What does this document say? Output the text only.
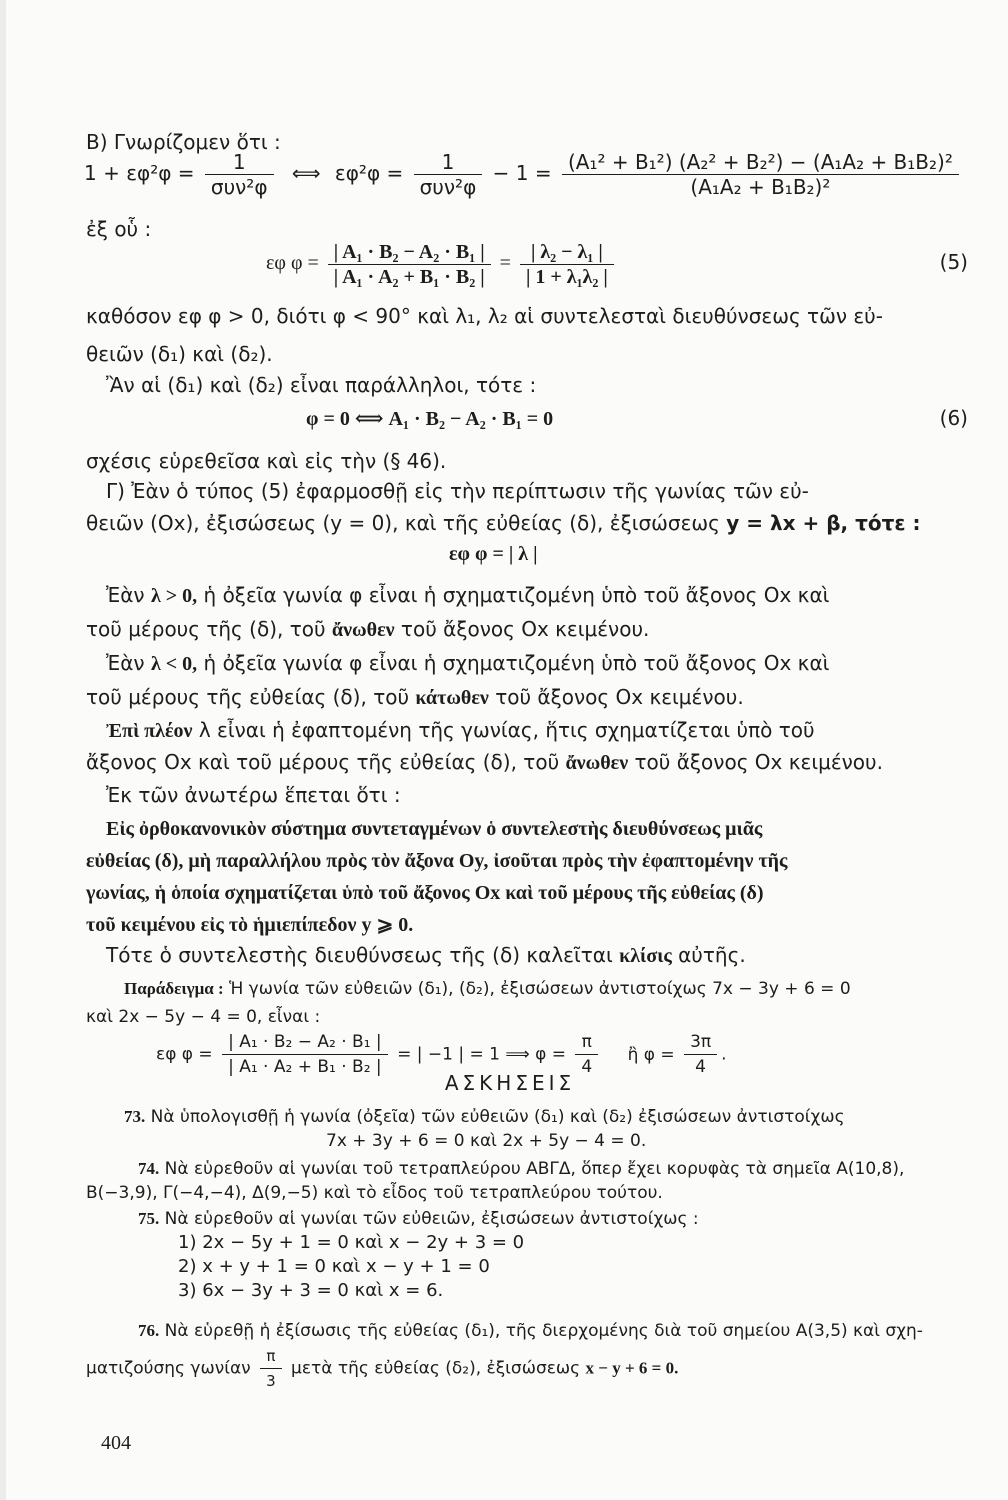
B) Γνωρίζομεν ὅτι :
$1 + \varepsilon\varphi^2\varphi = \frac{1}{\text{συν²φ}}$ ⟺ $\varepsilon\varphi^2\varphi = \frac{1}{\text{συν²φ}} - 1 = \frac{\text{(A₁² + B₁²) (A₂² + B₂²) − (A₁A₂ + B₁B₂)²}}{\text{(A₁A₂ + B₁B₂)²}}$
ἐξ οὗ :
εφ $\varphi = \frac{\text{| A₁ · B₂ − A₂ · B₁ |}}{\text{| A₁ · A₂ + B₁ · B₂ |}} = \frac{\text{| λ₂ − λ₁ |}}{\text{| 1 + λ₁λ₂ |}}$	(5)
καθόσον εφ φ > 0, διότι φ < 90° καὶ λ₁, λ₂ αἱ συντελεσταὶ διευθύνσεως τῶν εὐ-
θειῶν (δ₁) καὶ (δ₂).
Ἂν αἱ (δ₁) καὶ (δ₂) εἶναι παράλληλοι, τότε :
φ = 0 ⟺ A₁ · B₂ − A₂ · B₁ = 0	(6)
σχέσις εὑρεθεῖσα καὶ εἰς τὴν (§ 46).
Γ) Ἐὰν ὁ τύπος (5) ἐφαρμοσθῇ εἰς τὴν περίπτωσιν τῆς γωνίας τῶν εὐ-
θειῶν (Οx), ἐξισώσεως (y = 0), καὶ τῆς εὐθείας (δ), ἐξισώσεως y = λx + β, τότε :
εφ φ = | λ |
Ἐὰν λ > 0, ἡ ὀξεῖα γωνία φ εἶναι ἡ σχηματιζομένη ὑπὸ τοῦ ἄξονος Ox καὶ
τοῦ μέρους τῆς (δ), τοῦ ἄνωθεν τοῦ ἄξονος Ox κειμένου.
Ἐὰν λ < 0, ἡ ὀξεῖα γωνία φ εἶναι ἡ σχηματιζομένη ὑπὸ τοῦ ἄξονος Ox καὶ
τοῦ μέρους τῆς εὐθείας (δ), τοῦ κάτωθεν τοῦ ἄξονος Ox κειμένου.
Ἐπὶ πλέον λ εἶναι ἡ ἐφαπτομένη τῆς γωνίας, ἥτις σχηματίζεται ὑπὸ τοῦ
ἄξονος Ox καὶ τοῦ μέρους τῆς εὐθείας (δ), τοῦ ἄνωθεν τοῦ ἄξονος Ox κειμένου.
Ἐκ τῶν ἀνωτέρω ἕπεται ὅτι :
Εἰς ὀρθοκανονικὸν σύστημα συντεταγμένων ὁ συντελεστὴς διευθύνσεως μιᾶς
εὐθείας (δ), μὴ παραλλήλου πρὸς τὸν ἄξονα Oy, ἰσοῦται πρὸς τὴν ἐφαπτομένην τῆς
γωνίας, ἡ ὁποία σχηματίζεται ὑπὸ τοῦ ἄξονος Ox καὶ τοῦ μέρους τῆς εὐθείας (δ)
τοῦ κειμένου εἰς τὸ ἡμιεπίπεδον y ⩾ 0.
Τότε ὁ συντελεστὴς διευθύνσεως τῆς (δ) καλεῖται κλίσις αὐτῆς.
Παράδειγμα : Ἡ γωνία τῶν εὐθειῶν (δ₁), (δ₂), ἐξισώσεων ἀντιστοίχως 7x − 3y + 6 = 0
καὶ 2x − 5y − 4 = 0, εἶναι :
εφ $\varphi = \frac{\text{| A₁ · B₂ − A₂ · B₁ |}}{\text{| A₁ · A₂ + B₁ · B₂ |}}$ = | −1 | = 1 ⟹ $\varphi = \frac{\pi}{4}$ ἢ $\varphi = \frac{3\pi}{4}$ .
ΑΣΚΗΣΕΙΣ
73. Νὰ ὑπολογισθῇ ἡ γωνία (ὀξεῖα) τῶν εὐθειῶν (δ₁) καὶ (δ₂) ἐξισώσεων ἀντιστοίχως
7x + 3y + 6 = 0 καὶ 2x + 5y − 4 = 0.
74. Νὰ εὑρεθοῦν αἱ γωνίαι τοῦ τετραπλεύρου ΑΒΓΔ, ὅπερ ἔχει κορυφὰς τὰ σημεῖα Α(10,8),
Β(−3,9), Γ(−4,−4), Δ(9,−5) καὶ τὸ εἶδος τοῦ τετραπλεύρου τούτου.
75. Νὰ εὑρεθοῦν αἱ γωνίαι τῶν εὐθειῶν, ἐξισώσεων ἀντιστοίχως :
1) 2x − 5y + 1 = 0 καὶ x − 2y + 3 = 0
2) x + y + 1 = 0 καὶ x − y + 1 = 0
3) 6x − 3y + 3 = 0 καὶ x = 6.
76. Νὰ εὑρεθῇ ἡ ἐξίσωσις τῆς εὐθείας (δ₁), τῆς διερχομένης διὰ τοῦ σημείου Α(3,5) καὶ σχη-
ματιζούσης γωνίαν $\frac{\pi}{3}$ μετὰ τῆς εὐθείας (δ₂), ἐξισώσεως x − y + 6 = 0.
404
